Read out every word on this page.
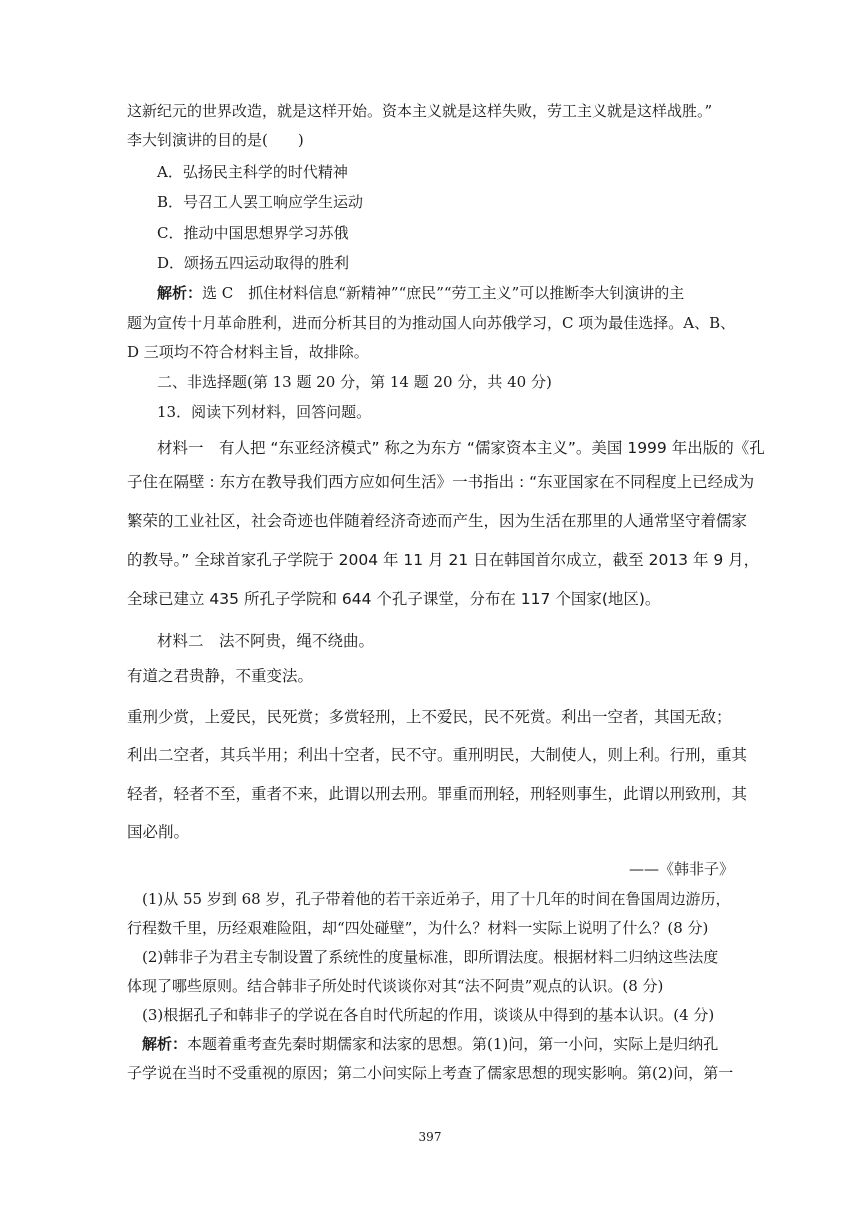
这新纪元的世界改造，就是这样开始。资本主义就是这样失败，劳工主义就是这样战胜。”
李大钊演讲的目的是(　　)
A．弘扬民主科学的时代精神
B．号召工人罢工响应学生运动
C．推动中国思想界学习苏俄
D．颂扬五四运动取得的胜利
解析：选 C　抓住材料信息“新精神”“庶民”“劳工主义”可以推断李大钊演讲的主
题为宣传十月革命胜利，进而分析其目的为推动国人向苏俄学习，C 项为最佳选择。A、B、
D 三项均不符合材料主旨，故排除。
二、非选择题(第 13 题 20 分，第 14 题 20 分，共 40 分)
13．阅读下列材料，回答问题。
材料一　有人把 “东亚经济模式” 称之为东方 “儒家资本主义”。美国 1999 年出版的《孔
子住在隔壁 : 东方在教导我们西方应如何生活》一书指出 : “东亚国家在不同程度上已经成为
繁荣的工业社区，社会奇迹也伴随着经济奇迹而产生，因为生活在那里的人通常坚守着儒家
的教导。” 全球首家孔子学院于 2004 年 11 月 21 日在韩国首尔成立，截至 2013 年 9 月，
全球已建立 435 所孔子学院和 644 个孔子课堂，分布在 117 个国家(地区)。
材料二　法不阿贵，绳不绕曲。
有道之君贵静，不重变法。
重刑少赏，上爱民，民死赏；多赏轻刑，上不爱民，民不死赏。利出一空者，其国无敌；
利出二空者，其兵半用；利出十空者，民不守。重刑明民，大制使人，则上利。行刑，重其
轻者，轻者不至，重者不来，此谓以刑去刑。罪重而刑轻，刑轻则事生，此谓以刑致刑，其
国必削。
——《韩非子》
(1)从 55 岁到 68 岁，孔子带着他的若干亲近弟子，用了十几年的时间在鲁国周边游历，
行程数千里，历经艰难险阻，却“四处碰壁”，为什么？材料一实际上说明了什么？(8 分)
(2)韩非子为君主专制设置了系统性的度量标准，即所谓法度。根据材料二归纳这些法度
体现了哪些原则。结合韩非子所处时代谈谈你对其“法不阿贵”观点的认识。(8 分)
(3)根据孔子和韩非子的学说在各自时代所起的作用，谈谈从中得到的基本认识。(4 分)
解析：本题着重考查先秦时期儒家和法家的思想。第(1)问，第一小问，实际上是归纳孔
子学说在当时不受重视的原因；第二小问实际上考查了儒家思想的现实影响。第(2)问，第一
397
